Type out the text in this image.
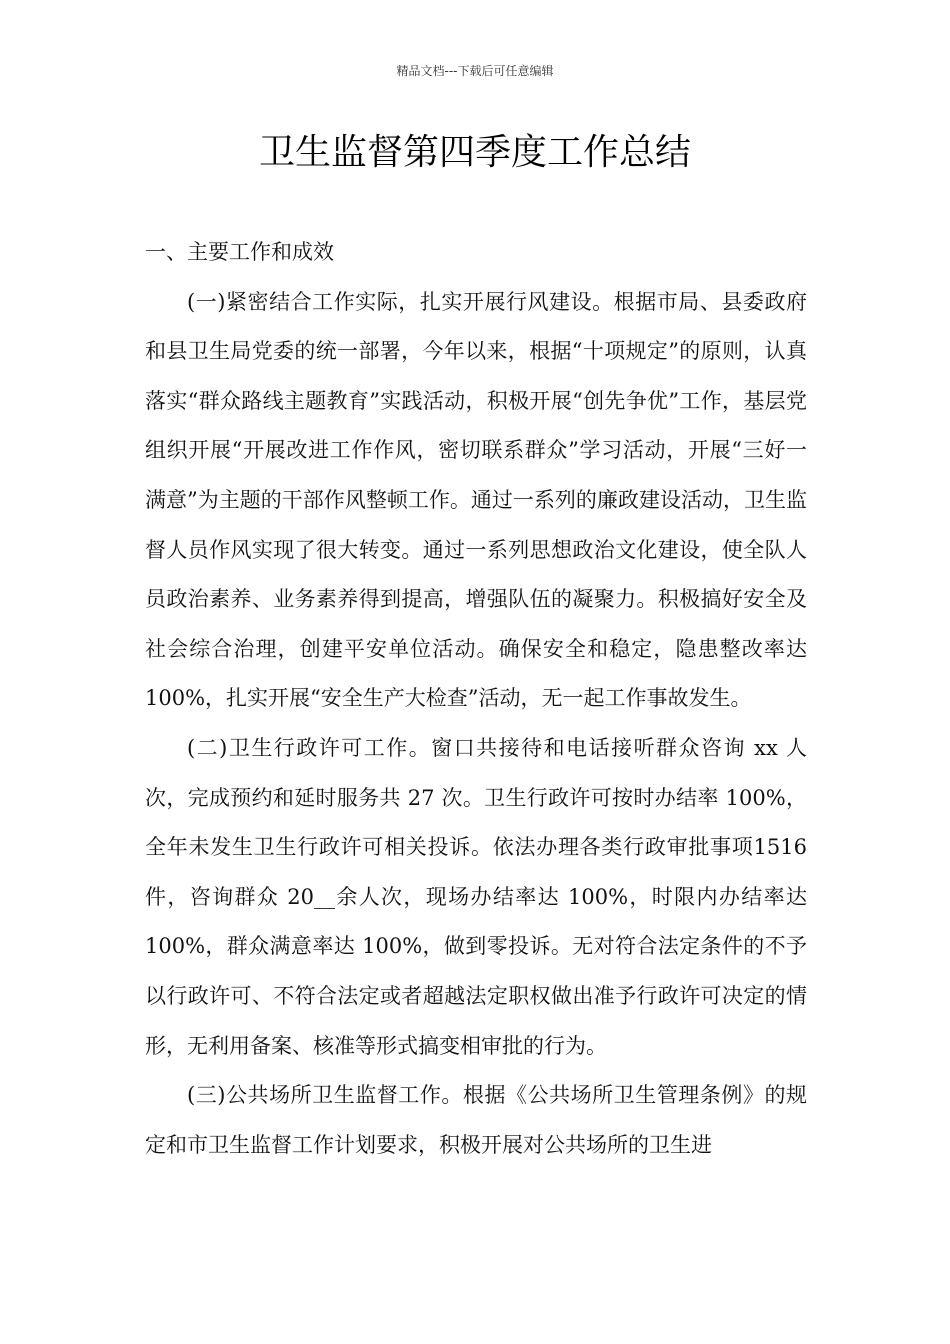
精品文档---下载后可任意编辑
卫生监督第四季度工作总结

一、主要工作和成效

(一)紧密结合工作实际，扎实开展行风建设。根据市局、县委政府和县卫生局党委的统一部署，今年以来，根据“十项规定”的原则，认真落实“群众路线主题教育”实践活动，积极开展“创先争优”工作，基层党组织开展“开展改进工作作风，密切联系群众”学习活动，开展“三好一满意”为主题的干部作风整顿工作。通过一系列的廉政建设活动，卫生监督人员作风实现了很大转变。通过一系列思想政治文化建设，使全队人员政治素养、业务素养得到提高，增强队伍的凝聚力。积极搞好安全及社会综合治理，创建平安单位活动。确保安全和稳定，隐患整改率达 100%，扎实开展“安全生产大检查”活动，无一起工作事故发生。

(二)卫生行政许可工作。窗口共接待和电话接听群众咨询 xx 人次，完成预约和延时服务共 27 次。卫生行政许可按时办结率 100%，全年未发生卫生行政许可相关投诉。依法办理各类行政审批事项1516 件，咨询群众 20__余人次，现场办结率达 100%，时限内办结率达 100%，群众满意率达 100%，做到零投诉。无对符合法定条件的不予以行政许可、不符合法定或者超越法定职权做出准予行政许可决定的情形，无利用备案、核准等形式搞变相审批的行为。

(三)公共场所卫生监督工作。根据《公共场所卫生管理条例》的规定和市卫生监督工作计划要求，积极开展对公共场所的卫生进
